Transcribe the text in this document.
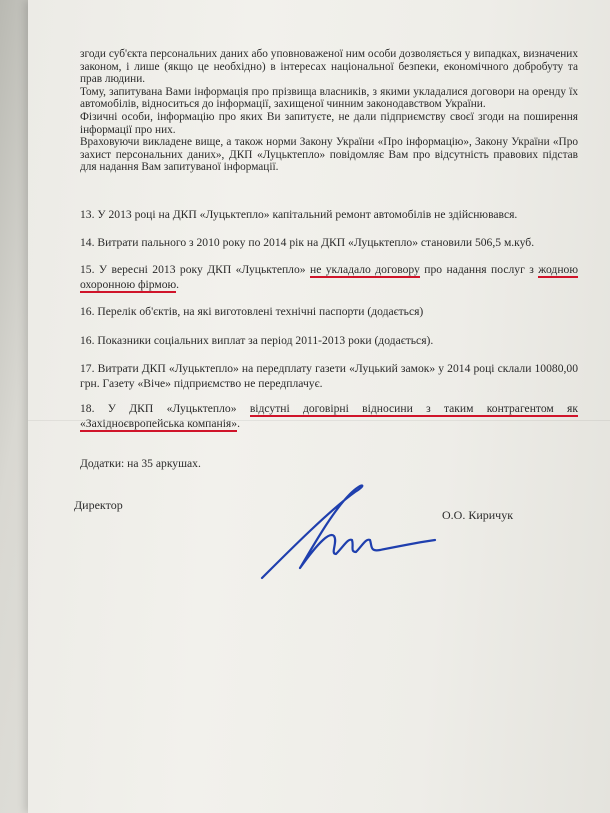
згоди суб'єкта персональних даних або уповноваженої ним особи дозволяється у випадках, визначених законом, і лише (якщо це необхідно) в інтересах національної безпеки, економічного добробуту та прав людини.

Тому, запитувана Вами інформація про прізвища власників, з якими укладалися договори на оренду їх автомобілів, відноситься до інформації, захищеної чинним законодавством України.

Фізичні особи, інформацію про яких Ви запитуєте, не дали підприємству своєї згоди на поширення інформації про них.

Враховуючи викладене вище, а також норми Закону України «Про інформацію», Закону України «Про захист персональних даних», ДКП «Луцьктепло» повідомляє Вам про відсутність правових підстав для надання Вам запитуваної інформації.

13. У 2013 році на ДКП «Луцьктепло» капітальний ремонт автомобілів не здійснювався.
14. Витрати пального з 2010 року по 2014 рік на ДКП «Луцьктепло» становили 506,5 м.куб.
15. У вересні 2013 року ДКП «Луцьктепло» не укладало договору про надання послуг з жодною охоронною фірмою.
16. Перелік об'єктів, на які виготовлені технічні паспорти (додається)
16. Показники соціальних виплат за період 2011-2013 роки (додається).
17. Витрати ДКП «Луцьктепло» на передплату газети «Луцький замок» у 2014 році склали 10080,00 грн. Газету «Віче» підприємство не передплачує.
18. У ДКП «Луцьктепло» відсутні договірні відносини з таким контрагентом як «Західноєвропейська компанія».
Додатки: на 35 аркушах.
Директор
О.О. Киричук
